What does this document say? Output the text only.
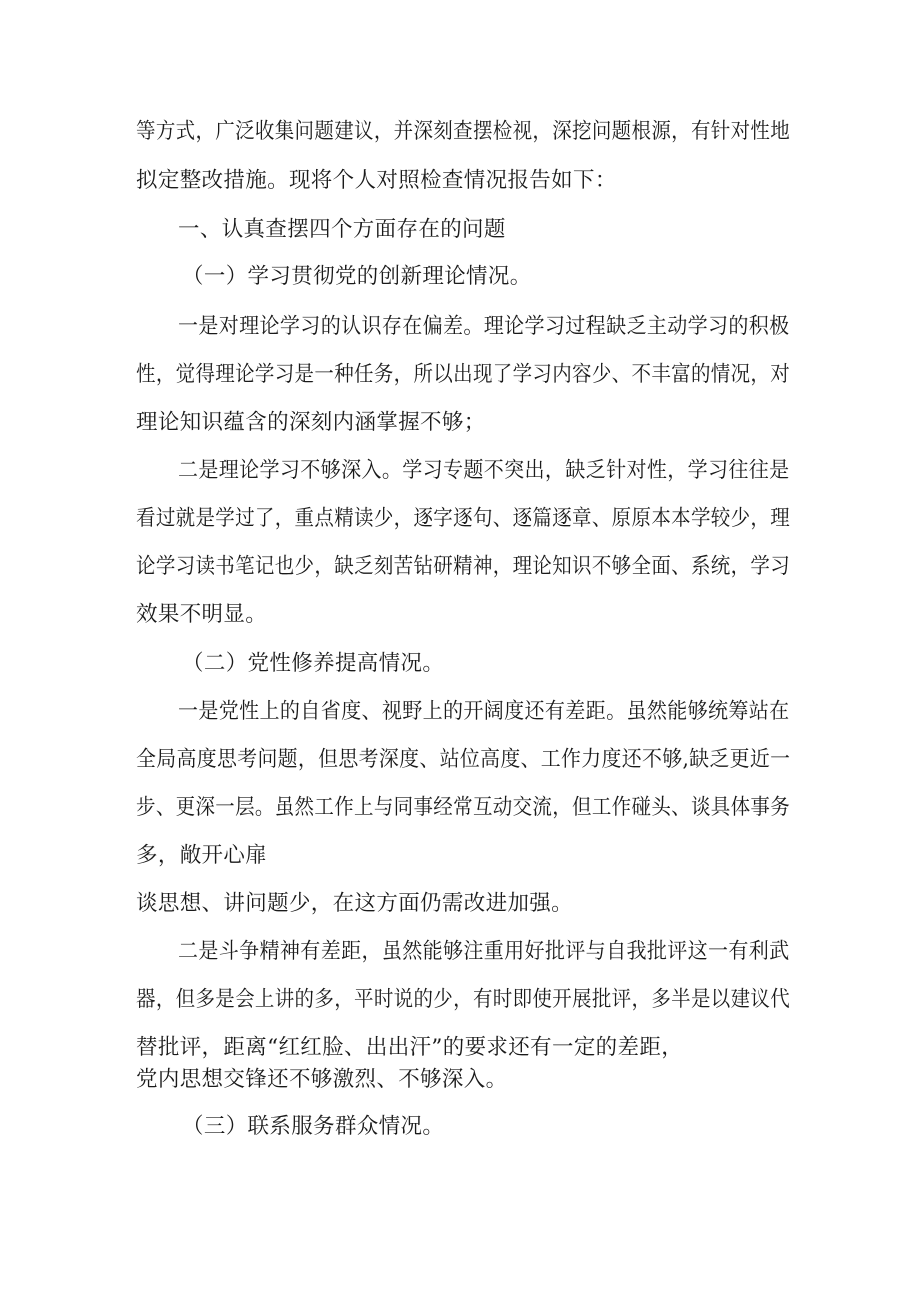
等方式，广泛收集问题建议，并深刻查摆检视，深挖问题根源，有针对性地

拟定整改措施。现将个人对照检查情况报告如下：

一、认真查摆四个方面存在的问题

（一）学习贯彻党的创新理论情况。

一是对理论学习的认识存在偏差。理论学习过程缺乏主动学习的积极

性，觉得理论学习是一种任务，所以出现了学习内容少、不丰富的情况，对

理论知识蕴含的深刻内涵掌握不够；

二是理论学习不够深入。学习专题不突出，缺乏针对性，学习往往是

看过就是学过了，重点精读少，逐字逐句、逐篇逐章、原原本本学较少，理

论学习读书笔记也少，缺乏刻苦钻研精神，理论知识不够全面、系统，学习

效果不明显。

（二）党性修养提高情况。

一是党性上的自省度、视野上的开阔度还有差距。虽然能够统筹站在

全局高度思考问题，但思考深度、站位高度、工作力度还不够,缺乏更近一

步、更深一层。虽然工作上与同事经常互动交流，但工作碰头、谈具体事务

多，敞开心扉

谈思想、讲问题少，在这方面仍需改进加强。

二是斗争精神有差距，虽然能够注重用好批评与自我批评这一有利武

器，但多是会上讲的多，平时说的少，有时即使开展批评，多半是以建议代

替批评，距离“红红脸、出出汗”的要求还有一定的差距，

党内思想交锋还不够激烈、不够深入。

（三）联系服务群众情况。
